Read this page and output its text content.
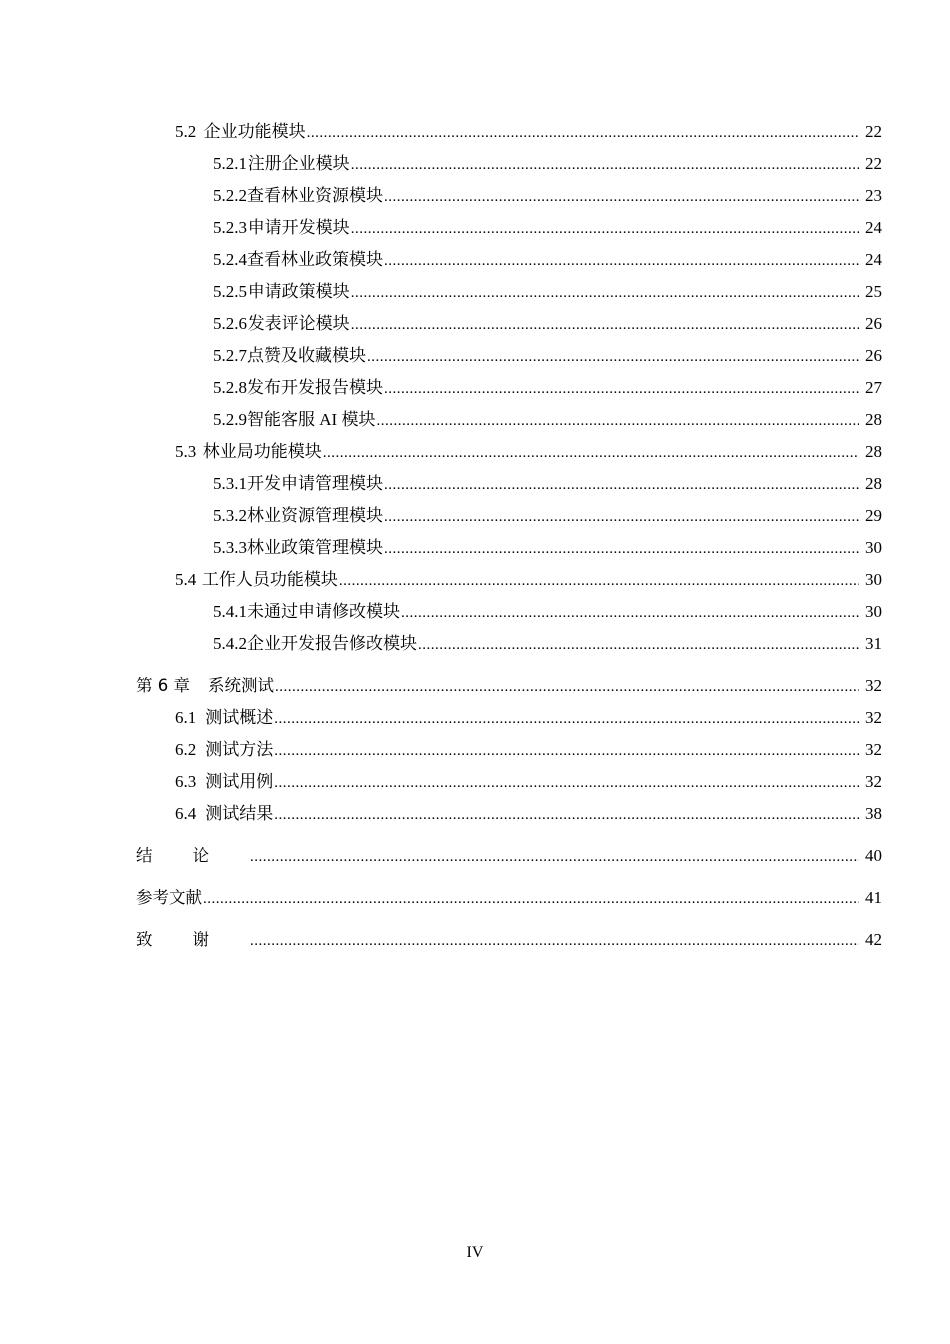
5.2 企业功能模块 .....	22
5.2.1 注册企业模块 .....	22
5.2.2 查看林业资源模块 .....	23
5.2.3 申请开发模块 .....	24
5.2.4 查看林业政策模块 .....	24
5.2.5 申请政策模块 .....	25
5.2.6 发表评论模块 .....	26
5.2.7 点赞及收藏模块 .....	26
5.2.8 发布开发报告模块 .....	27
5.2.9 智能客服 AI 模块 .....	28
5.3 林业局功能模块 .....	28
5.3.1 开发申请管理模块 .....	28
5.3.2 林业资源管理模块 .....	29
5.3.3 林业政策管理模块 .....	30
5.4 工作人员功能模块 .....	30
5.4.1 未通过申请修改模块 .....	30
5.4.2 企业开发报告修改模块 .....	31
第 6 章 系统测试 .....	32
6.1 测试概述 .....	32
6.2 测试方法 .....	32
6.3 测试用例 .....	32
6.4 测试结果 .....	38
结论 .....	40
参考文献 .....	41
致谢 .....	42
IV
